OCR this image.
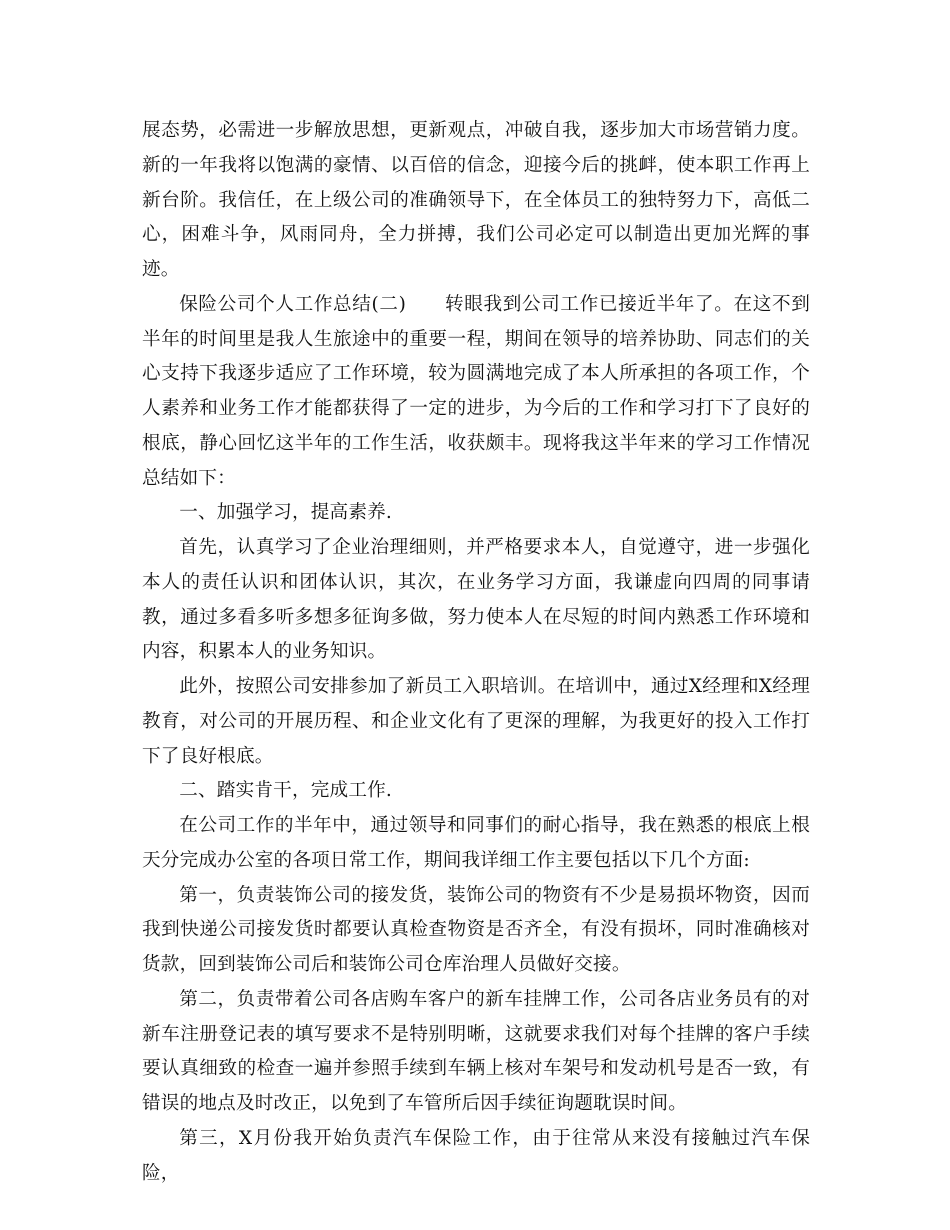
展态势，必需进一步解放思想，更新观点，冲破自我，逐步加大市场营销力度。新的一年我将以饱满的豪情、以百倍的信念，迎接今后的挑衅，使本职工作再上新台阶。我信任，在上级公司的准确领导下，在全体员工的独特努力下，高低二心，困难斗争，风雨同舟，全力拼搏，我们公司必定可以制造出更加光辉的事迹。

保险公司个人工作总结(二)　　转眼我到公司工作已接近半年了。在这不到半年的时间里是我人生旅途中的重要一程，期间在领导的培养协助、同志们的关心支持下我逐步适应了工作环境，较为圆满地完成了本人所承担的各项工作，个人素养和业务工作才能都获得了一定的进步，为今后的工作和学习打下了良好的根底，静心回忆这半年的工作生活，收获颇丰。现将我这半年来的学习工作情况总结如下：

一、加强学习，提高素养.

首先，认真学习了企业治理细则，并严格要求本人，自觉遵守，进一步强化本人的责任认识和团体认识，其次，在业务学习方面，我谦虚向四周的同事请教，通过多看多听多想多征询多做，努力使本人在尽短的时间内熟悉工作环境和内容，积累本人的业务知识。

此外，按照公司安排参加了新员工入职培训。在培训中，通过X经理和X经理教育，对公司的开展历程、和企业文化有了更深的理解，为我更好的投入工作打下了良好根底。

二、踏实肯干，完成工作.

在公司工作的半年中，通过领导和同事们的耐心指导，我在熟悉的根底上根天分完成办公室的各项日常工作，期间我详细工作主要包括以下几个方面:

第一，负责装饰公司的接发货，装饰公司的物资有不少是易损坏物资，因而我到快递公司接发货时都要认真检查物资是否齐全，有没有损坏，同时准确核对货款，回到装饰公司后和装饰公司仓库治理人员做好交接。

第二，负责带着公司各店购车客户的新车挂牌工作，公司各店业务员有的对新车注册登记表的填写要求不是特别明晰，这就要求我们对每个挂牌的客户手续要认真细致的检查一遍并参照手续到车辆上核对车架号和发动机号是否一致，有错误的地点及时改正，以免到了车管所后因手续征询题耽误时间。

第三，X月份我开始负责汽车保险工作，由于往常从来没有接触过汽车保险，
